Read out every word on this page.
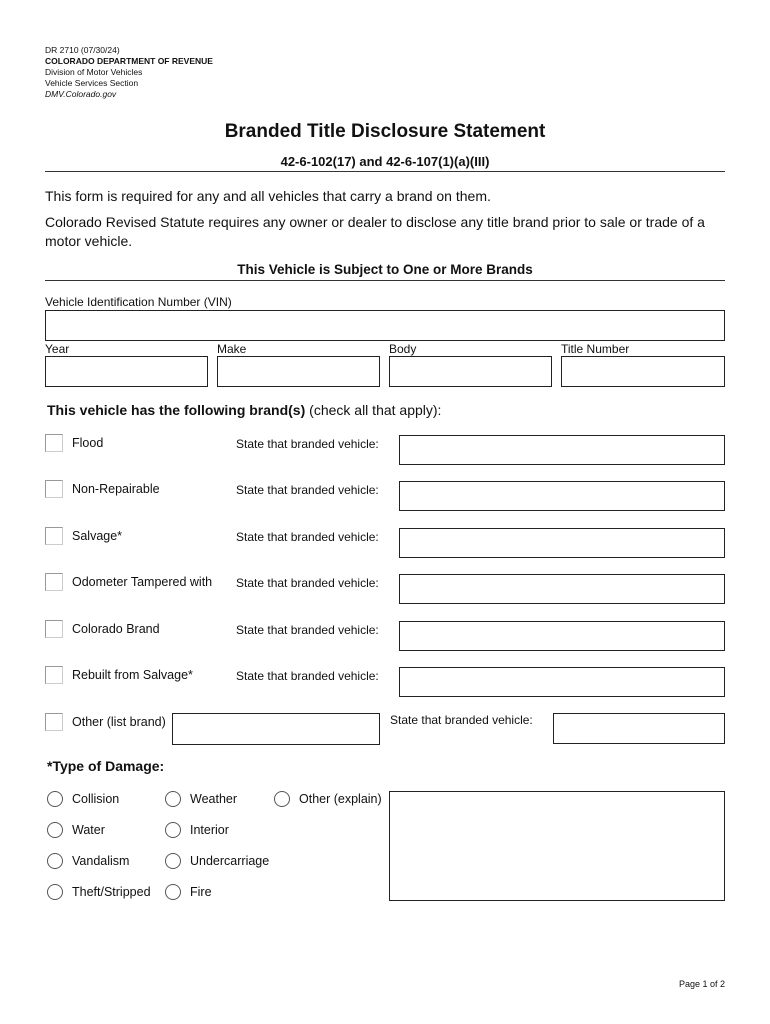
DR 2710 (07/30/24)
COLORADO DEPARTMENT OF REVENUE
Division of Motor Vehicles
Vehicle Services Section
DMV.Colorado.gov
Branded Title Disclosure Statement
42-6-102(17) and 42-6-107(1)(a)(III)
This form is required for any and all vehicles that carry a brand on them.
Colorado Revised Statute requires any owner or dealer to disclose any title brand prior to sale or trade of a motor vehicle.
This Vehicle is Subject to One or More Brands
Vehicle Identification Number (VIN)
Year	Make	Body	Title Number
This vehicle has the following brand(s) (check all that apply):
Flood	State that branded vehicle:
Non-Repairable	State that branded vehicle:
Salvage*	State that branded vehicle:
Odometer Tampered with State that branded vehicle:
Colorado Brand	State that branded vehicle:
Rebuilt from Salvage*	State that branded vehicle:
Other (list brand)	State that branded vehicle:
*Type of Damage:
Collision	Weather	Other (explain)
Water	Interior
Vandalism	Undercarriage
Theft/Stripped	Fire
Page 1 of 2
